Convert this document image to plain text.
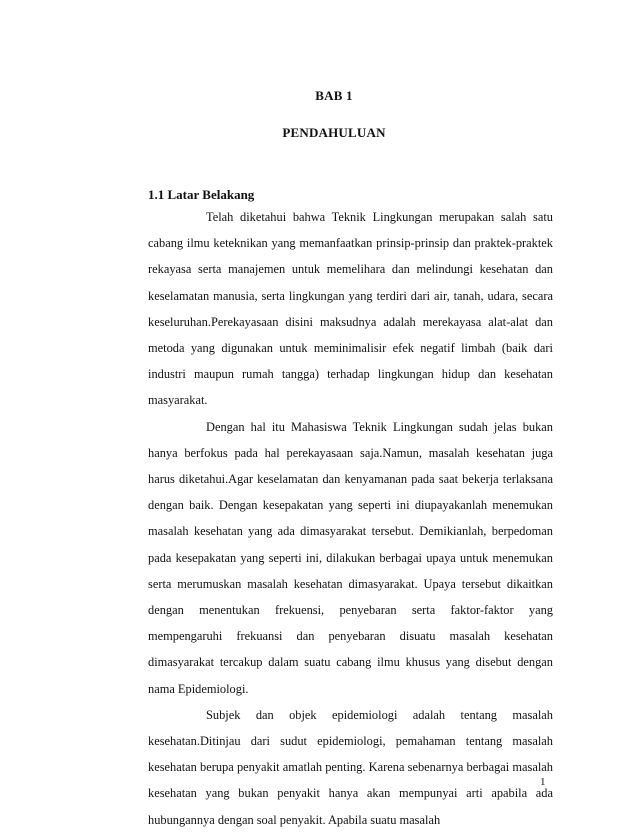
BAB 1
PENDAHULUAN
1.1 Latar Belakang

Telah diketahui bahwa Teknik Lingkungan merupakan salah satu cabang ilmu keteknikan yang memanfaatkan prinsip-prinsip dan praktek-praktek rekayasa serta manajemen untuk memelihara dan melindungi kesehatan dan keselamatan manusia, serta lingkungan yang terdiri dari air, tanah, udara, secara keseluruhan.Perekayasaan disini maksudnya adalah merekayasa alat-alat dan metoda yang digunakan untuk meminimalisir efek negatif limbah (baik dari industri maupun rumah tangga) terhadap lingkungan hidup dan kesehatan masyarakat.

Dengan hal itu Mahasiswa Teknik Lingkungan sudah jelas bukan hanya berfokus pada hal perekayasaan saja.Namun, masalah kesehatan juga harus diketahui.Agar keselamatan dan kenyamanan pada saat bekerja terlaksana dengan baik. Dengan kesepakatan yang seperti ini diupayakanlah menemukan masalah kesehatan yang ada dimasyarakat tersebut. Demikianlah, berpedoman pada kesepakatan yang seperti ini, dilakukan berbagai upaya untuk menemukan serta merumuskan masalah kesehatan dimasyarakat. Upaya tersebut dikaitkan dengan menentukan frekuensi, penyebaran serta faktor-faktor yang mempengaruhi frekuansi dan penyebaran disuatu masalah kesehatan dimasyarakat tercakup dalam suatu cabang ilmu khusus yang disebut dengan nama Epidemiologi.

Subjek dan objek epidemiologi adalah tentang masalah kesehatan.Ditinjau dari sudut epidemiologi, pemahaman tentang masalah kesehatan berupa penyakit amatlah penting. Karena sebenarnya berbagai masalah kesehatan yang bukan penyakit hanya akan mempunyai arti apabila ada hubungannya dengan soal penyakit. Apabila suatu masalah

1
